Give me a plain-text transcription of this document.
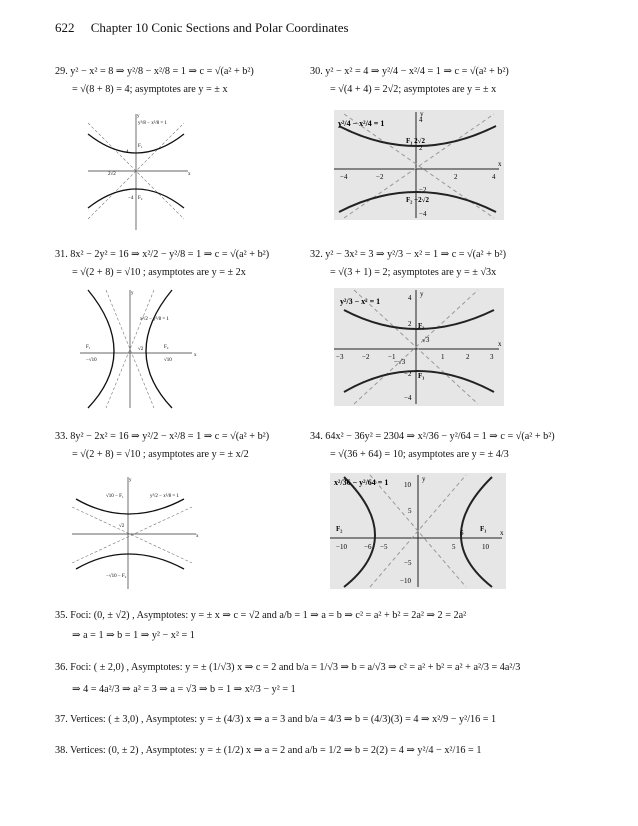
622 Chapter 10 Conic Sections and Polar Coordinates
29. y² − x² = 8 ⇒ y²/8 − x²/8 = 1 ⇒ c = √(a² + b²)
= √(8 + 8) = 4; asymptotes are y = ± x
30. y² − x² = 4 ⇒ y²/4 − x²/4 = 1 ⇒ c = √(a² + b²)
= √(4 + 4) = 2√2; asymptotes are y = ± x
31. 8x² − 2y² = 16 ⇒ x²/2 − y²/8 = 1 ⇒ c = √(a² + b²)
= √(2 + 8) = √10 ; asymptotes are y = ± 2x
32. y² − 3x² = 3 ⇒ y²/3 − x² = 1 ⇒ c = √(a² + b²)
= √(3 + 1) = 2; asymptotes are y = ± √3x
33. 8y² − 2x² = 16 ⇒ y²/2 − x²/8 = 1 ⇒ c = √(a² + b²)
= √(2 + 8) = √10 ; asymptotes are y = ± x/2
34. 64x² − 36y² = 2304 ⇒ x²/36 − y²/64 = 1 ⇒ c = √(a² + b²)
= √(36 + 64) = 10; asymptotes are y = ± 4/3
35. Foci: (0, ± √2) , Asymptotes: y = ± x ⇒ c = √2 and a/b = 1 ⇒ a = b ⇒ c² = a² + b² = 2a² ⇒ 2 = 2a²
⇒ a = 1 ⇒ b = 1 ⇒ y² − x² = 1
36. Foci: ( ± 2,0) , Asymptotes: y = ± (1/√3) x ⇒ c = 2 and b/a = 1/√3 ⇒ b = a/√3 ⇒ c² = a² + b² = a² + a²/3 = 4a²/3
⇒ 4 = 4a²/3 ⇒ a² = 3 ⇒ a = √3 ⇒ b = 1 ⇒ x²/3 − y² = 1
37. Vertices: ( ± 3,0) , Asymptotes: y = ± (4/3) x ⇒ a = 3 and b/a = 4/3 ⇒ b = (4/3)(3) = 4 ⇒ x²/9 − y²/16 = 1
38. Vertices: (0, ± 2) , Asymptotes: y = ± (1/2) x ⇒ a = 2 and a/b = 1/2 ⇒ b = 2(2) = 4 ⇒ y²/4 − x²/16 = 1
x
y
y²/8 − x²/8 = 1
F₁
4
2√2
−4 F₂
y²/4 − x²/4 = 1
F₁ 2√2
F₂ −2√2
−4	−2	2	4
4
2
−2
−4
x
y
x²/2 − y²/8 = 1
F₁
−√10
F₂
√10
√2
x
y
y²/3 − x² = 1
F₂
F₁
√3
−√3
−3	−2	−1	1	2	3
4
2
−2
−4
x
y
√10 − F₁	y²/2 − x²/8 = 1
√2
−√10 − F₂
x
y	x²/36 − y²/64 = 1
F₂	F₁
−10	−5	5	10
−6
6
10
5
−5
−10
x
y
